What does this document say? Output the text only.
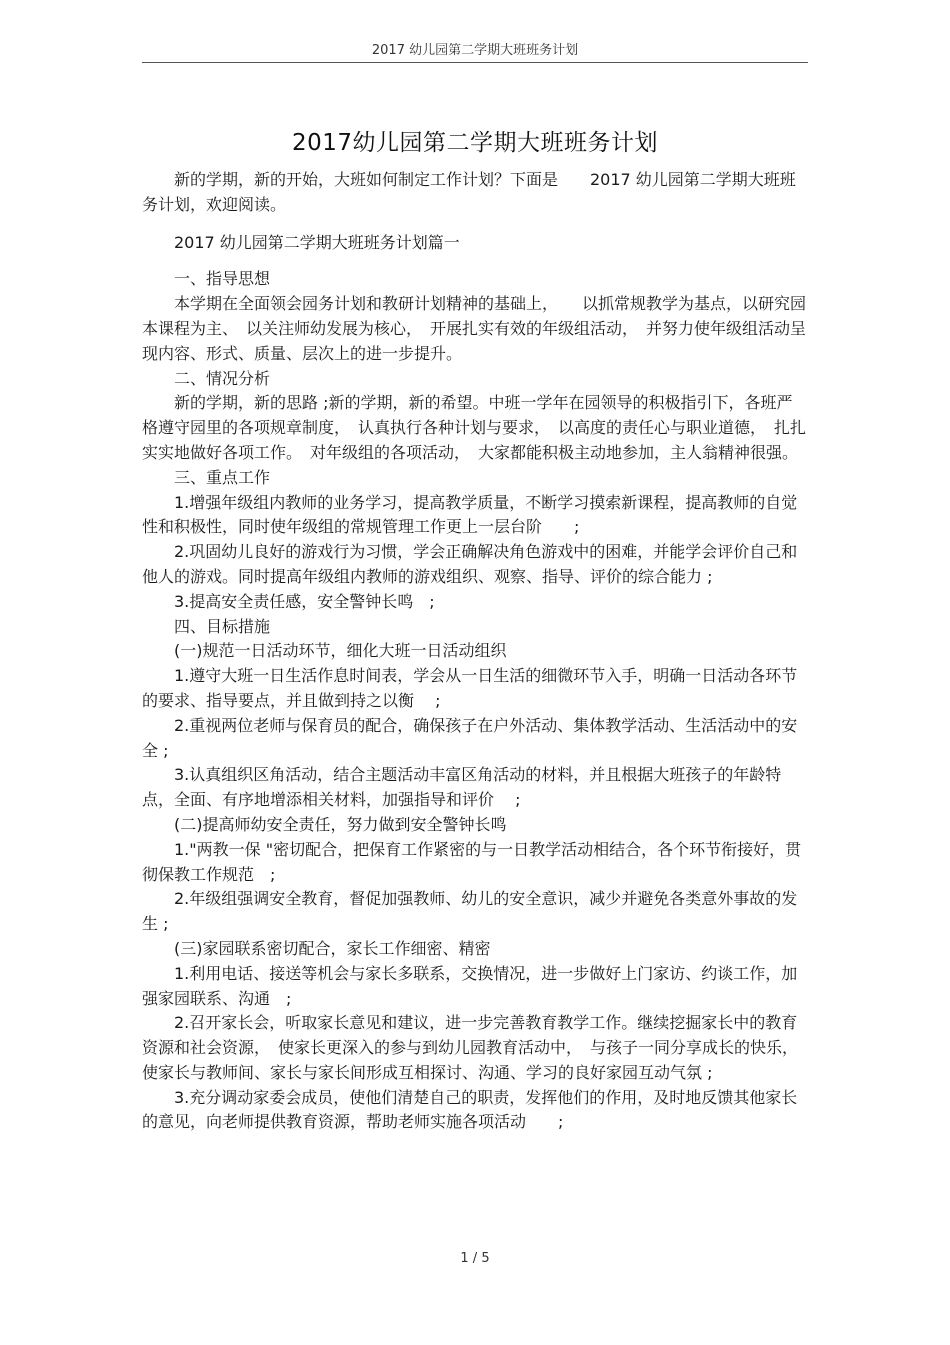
2017 幼儿园第二学期大班班务计划
2017幼儿园第二学期大班班务计划

新的学期，新的开始，大班如何制定工作计划？下面是　　2017 幼儿园第二学期大班班务计划，欢迎阅读。

2017 幼儿园第二学期大班班务计划篇一

一、指导思想

本学期在全面领会园务计划和教研计划精神的基础上，　　以抓常规教学为基点，以研究园本课程为主、　以关注师幼发展为核心，　开展扎实有效的年级组活动，　并努力使年级组活动呈现内容、形式、质量、层次上的进一步提升。

二、情况分析

新的学期，新的思路 ;新的学期，新的希望。中班一学年在园领导的积极指引下，各班严格遵守园里的各项规章制度，　认真执行各种计划与要求，　以高度的责任心与职业道德，　扎扎实实地做好各项工作。　对年级组的各项活动，　大家都能积极主动地参加，主人翁精神很强。

三、重点工作

1.增强年级组内教师的业务学习，提高教学质量，不断学习摸索新课程，提高教师的自觉性和积极性，同时使年级组的常规管理工作更上一层台阶　　;

2.巩固幼儿良好的游戏行为习惯，学会正确解决角色游戏中的困难，并能学会评价自己和他人的游戏。同时提高年级组内教师的游戏组织、观察、指导、评价的综合能力 ;

3.提高安全责任感，安全警钟长鸣　;

四、目标措施

(一)规范一日活动环节，细化大班一日活动组织

1.遵守大班一日生活作息时间表，学会从一日生活的细微环节入手，明确一日活动各环节的要求、指导要点，并且做到持之以衡　 ;

2.重视两位老师与保育员的配合，确保孩子在户外活动、集体教学活动、生活活动中的安全 ;

3.认真组织区角活动，结合主题活动丰富区角活动的材料，并且根据大班孩子的年龄特点，全面、有序地增添相关材料，加强指导和评价　 ;

(二)提高师幼安全责任，努力做到安全警钟长鸣

1."两教一保 "密切配合，把保育工作紧密的与一日教学活动相结合，各个环节衔接好，贯彻保教工作规范　;

2.年级组强调安全教育，督促加强教师、幼儿的安全意识，减少并避免各类意外事故的发生 ;

(三)家园联系密切配合，家长工作细密、精密

1.利用电话、接送等机会与家长多联系，交换情况，进一步做好上门家访、约谈工作，加强家园联系、沟通　;

2.召开家长会，听取家长意见和建议，进一步完善教育教学工作。继续挖掘家长中的教育资源和社会资源，　使家长更深入的参与到幼儿园教育活动中，　与孩子一同分享成长的快乐，使家长与教师间、家长与家长间形成互相探讨、沟通、学习的良好家园互动气氛 ;

3.充分调动家委会成员，使他们清楚自己的职责，发挥他们的作用，及时地反馈其他家长的意见，向老师提供教育资源，帮助老师实施各项活动　　;

1 / 5
